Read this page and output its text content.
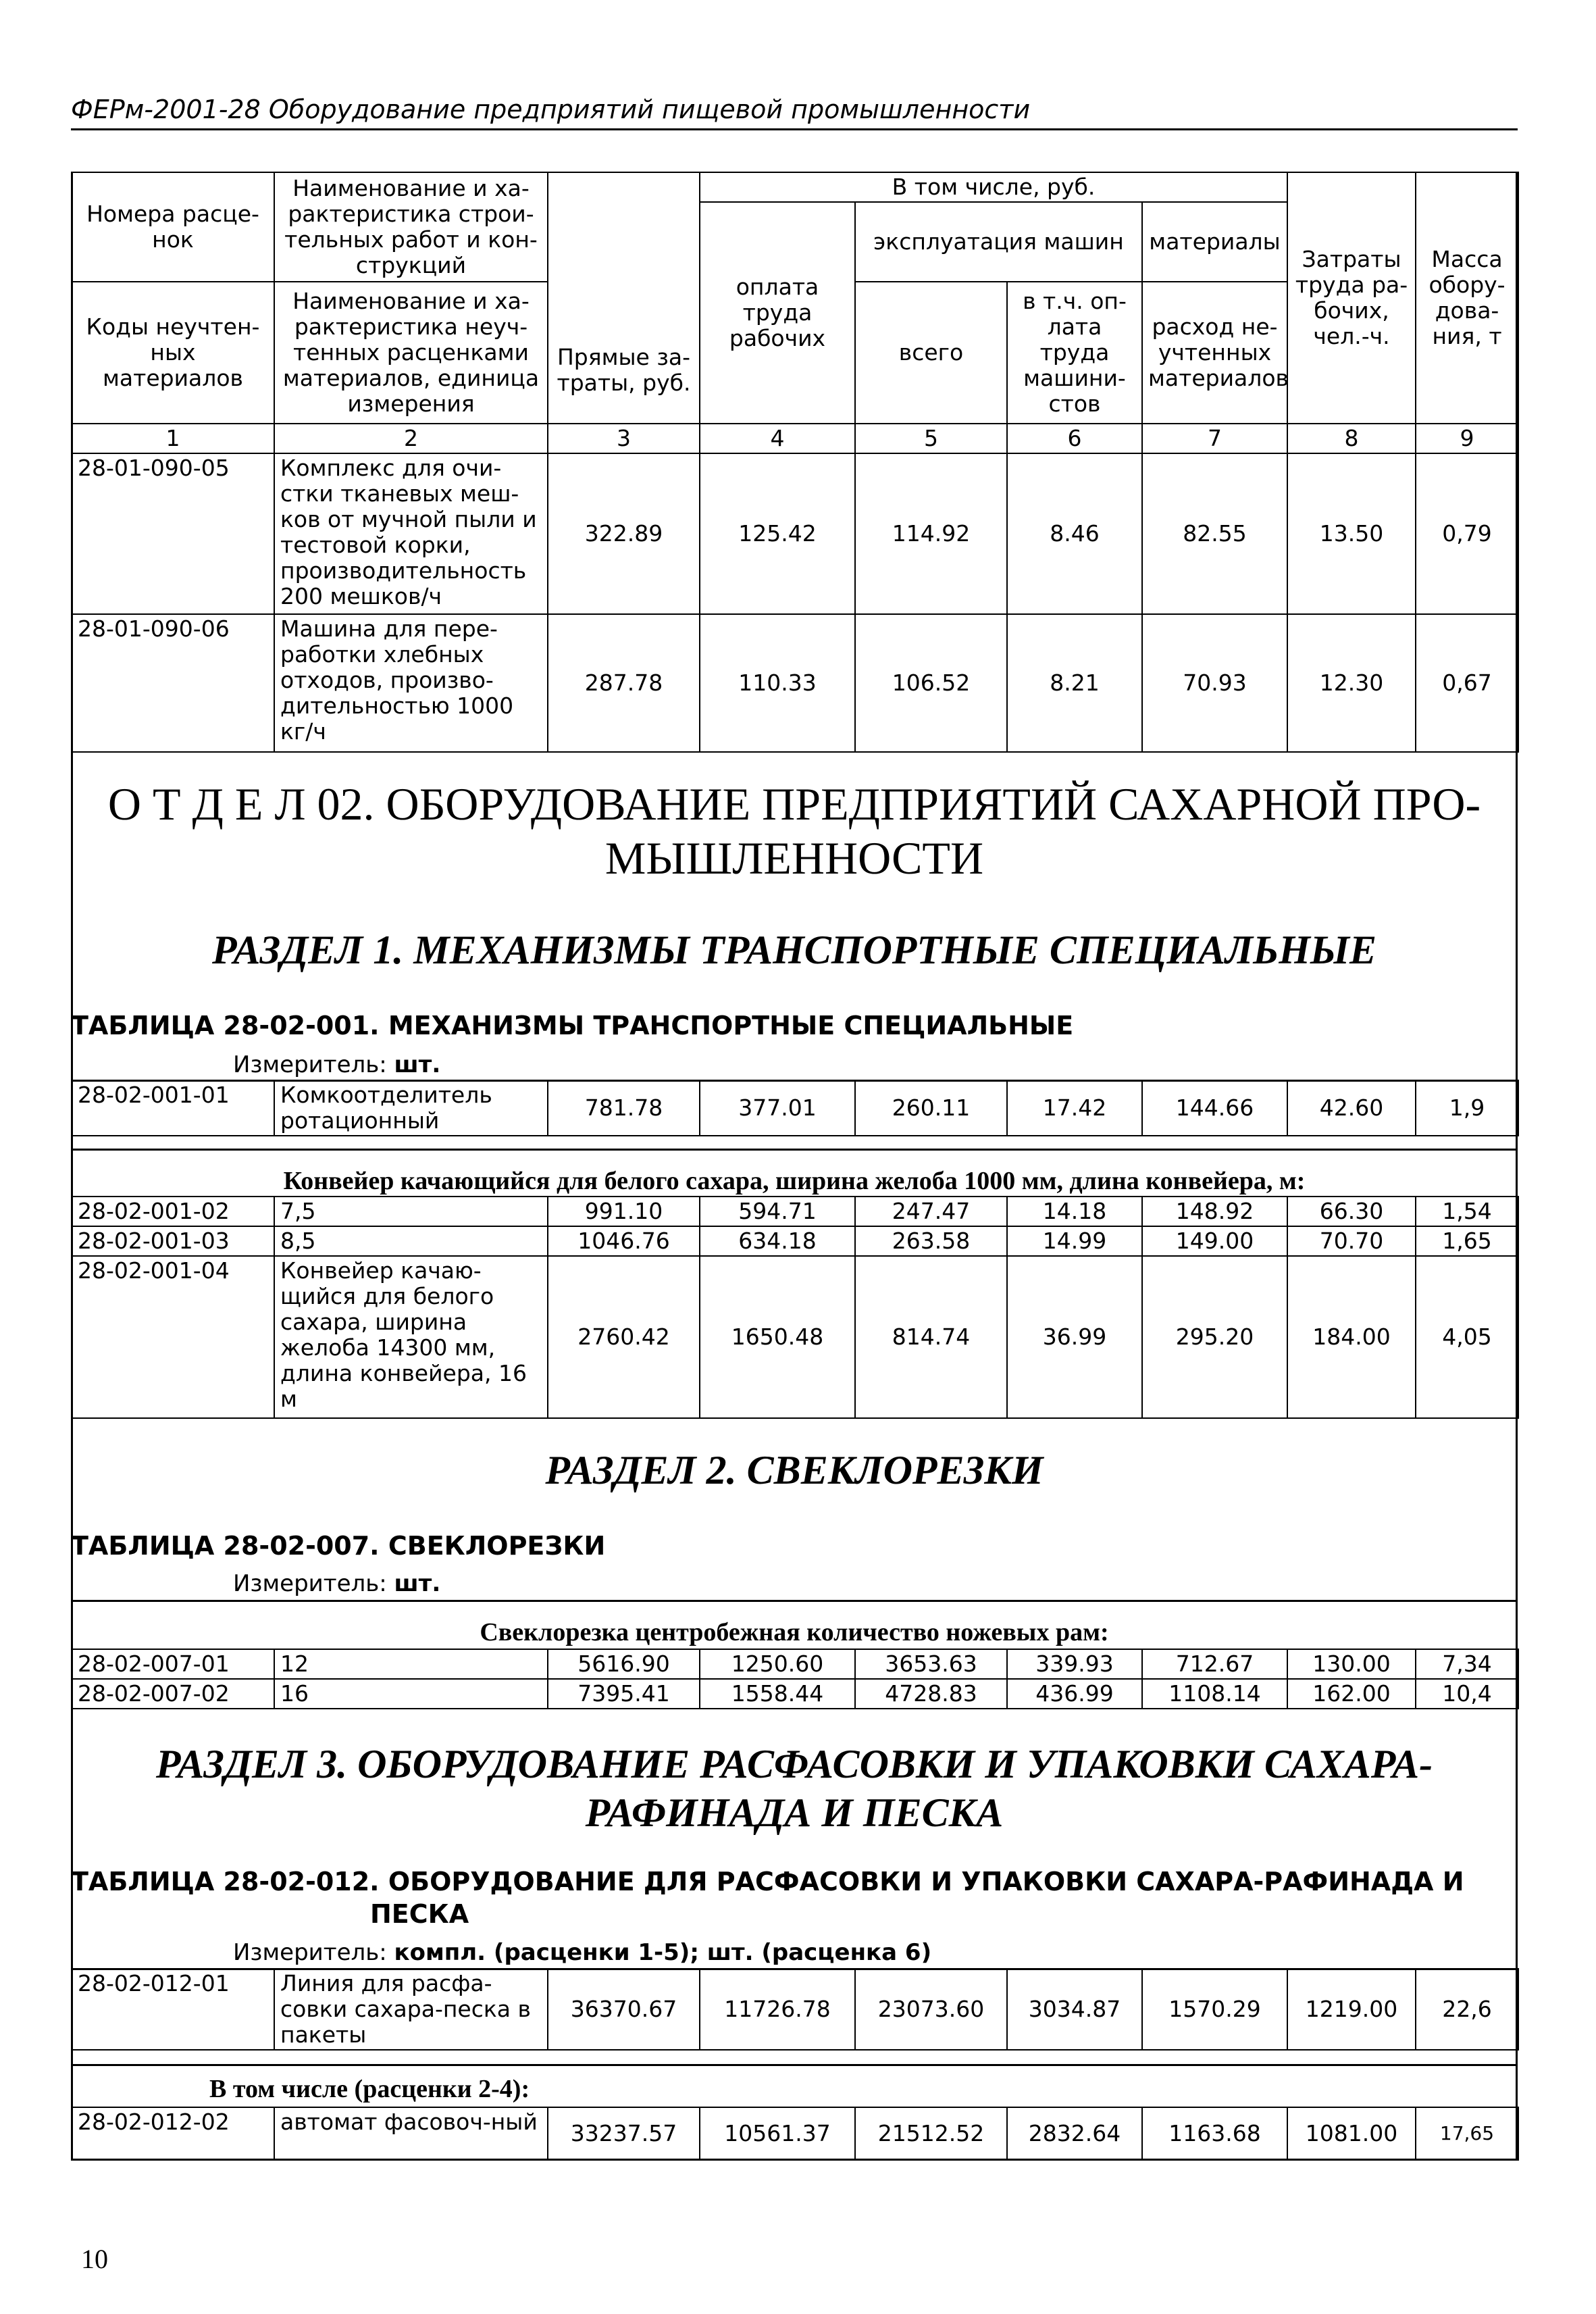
ФЕРм-2001-28 Оборудование предприятий пищевой промышленности
Номера расце-нок	Наименование и ха-рактеристика строи-тельных работ и кон-струкций	Прямые за-траты, руб.	В том числе, руб.				Затраты труда ра-бочих, чел.-ч.	Масса обору-дова-ния, т
			оплата труда рабочих	эксплуатация машин		материалы		
Коды неучтен-ных материалов	Наименование и ха-рактеристика неуч-тенных расценками материалов, единица измерения			всего	в т.ч. оп-лата труда машини-стов	расход не-учтенных материалов		

1	2	3	4	5	6	7	8	9
28-01-090-05	Комплекс для очи-стки тканевых меш-ков от мучной пыли и тестовой корки, производительность 200 мешков/ч	322.89	125.42	114.92	8.46	82.55	13.50	0,79
28-01-090-06	Машина для пере-работки хлебных отходов, произво-дительностью 1000 кг/ч	287.78	110.33	106.52	8.21	70.93	12.30	0,67
О Т Д Е Л 02. ОБОРУДОВАНИЕ ПРЕДПРИЯТИЙ САХАРНОЙ ПРО-МЫШЛЕННОСТИ
РАЗДЕЛ 1. МЕХАНИЗМЫ ТРАНСПОРТНЫЕ СПЕЦИАЛЬНЫЕ
ТАБЛИЦА 28-02-001. МЕХАНИЗМЫ ТРАНСПОРТНЫЕ СПЕЦИАЛЬНЫЕ
Измеритель: шт.
28-02-001-01	Комкоотделитель ротационный	781.78	377.01	260.11	17.42	144.66	42.60	1,9
Конвейер качающийся для белого сахара, ширина желоба 1000 мм, длина конвейера, м:
28-02-001-02	7,5	991.10	594.71	247.47	14.18	148.92	66.30	1,54
28-02-001-03	8,5	1046.76	634.18	263.58	14.99	149.00	70.70	1,65
28-02-001-04	Конвейер качаю-щийся для белого сахара, ширина желоба 14300 мм, длина конвейера, 16 м	2760.42	1650.48	814.74	36.99	295.20	184.00	4,05
РАЗДЕЛ 2. СВЕКЛОРЕЗКИ
ТАБЛИЦА 28-02-007. СВЕКЛОРЕЗКИ
Измеритель: шт.
Свеклорезка центробежная количество ножевых рам:
28-02-007-01	12	5616.90	1250.60	3653.63	339.93	712.67	130.00	7,34
28-02-007-02	16	7395.41	1558.44	4728.83	436.99	1108.14	162.00	10,4
РАЗДЕЛ 3. ОБОРУДОВАНИЕ РАСФАСОВКИ И УПАКОВКИ САХАРА-РАФИНАДА И ПЕСКА
ТАБЛИЦА 28-02-012. ОБОРУДОВАНИЕ ДЛЯ РАСФАСОВКИ И УПАКОВКИ САХАРА-РАФИНАДА И
ПЕСКА
Измеритель: компл. (расценки 1-5); шт. (расценка 6)
28-02-012-01	Линия для расфа-совки сахара-песка в пакеты	36370.67	11726.78	23073.60	3034.87	1570.29	1219.00	22,6
В том числе (расценки 2-4):
28-02-012-02	автомат фасовоч-ный	33237.57	10561.37	21512.52	2832.64	1163.68	1081.00	17,65
10
